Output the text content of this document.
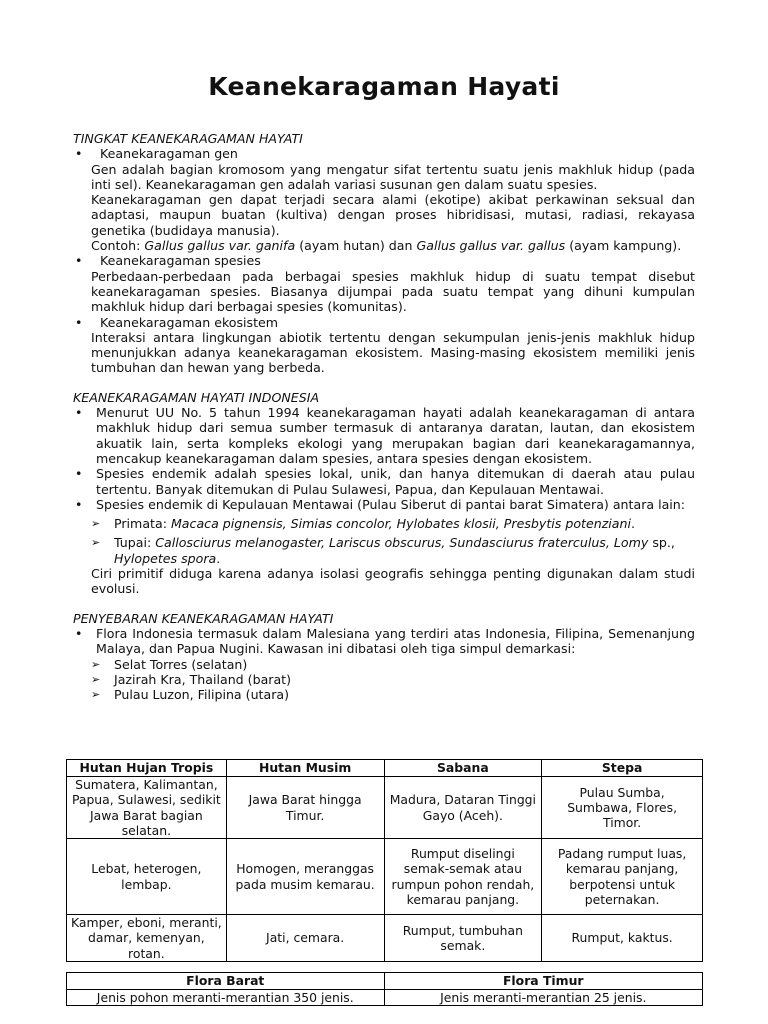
Keanekaragaman Hayati

TINGKAT KEANEKARAGAMAN HAYATI

• Keanekaragaman gen

Gen adalah bagian kromosom yang mengatur sifat tertentu suatu jenis makhluk hidup (pada inti sel). Keanekaragaman gen adalah variasi susunan gen dalam suatu spesies.

Keanekaragaman gen dapat terjadi secara alami (ekotipe) akibat perkawinan seksual dan adaptasi, maupun buatan (kultiva) dengan proses hibridisasi, mutasi, radiasi, rekayasa genetika (budidaya manusia).

Contoh: Gallus gallus var. ganifa (ayam hutan) dan Gallus gallus var. gallus (ayam kampung).

• Keanekaragaman spesies

Perbedaan-perbedaan pada berbagai spesies makhluk hidup di suatu tempat disebut keanekaragaman spesies. Biasanya dijumpai pada suatu tempat yang dihuni kumpulan makhluk hidup dari berbagai spesies (komunitas).

• Keanekaragaman ekosistem

Interaksi antara lingkungan abiotik tertentu dengan sekumpulan jenis-jenis makhluk hidup menunjukkan adanya keanekaragaman ekosistem. Masing-masing ekosistem memiliki jenis tumbuhan dan hewan yang berbeda.

KEANEKARAGAMAN HAYATI INDONESIA

• Menurut UU No. 5 tahun 1994 keanekaragaman hayati adalah keanekaragaman di antara makhluk hidup dari semua sumber termasuk di antaranya daratan, lautan, dan ekosistem akuatik lain, serta kompleks ekologi yang merupakan bagian dari keanekaragamannya, mencakup keanekaragaman dalam spesies, antara spesies dengan ekosistem.

• Spesies endemik adalah spesies lokal, unik, dan hanya ditemukan di daerah atau pulau tertentu. Banyak ditemukan di Pulau Sulawesi, Papua, dan Kepulauan Mentawai.

• Spesies endemik di Kepulauan Mentawai (Pulau Siberut di pantai barat Simatera) antara lain:

➢ Primata: Macaca pignensis, Simias concolor, Hylobates klosii, Presbytis potenziani.
➢ Tupai: Callosciurus melanogaster, Lariscus obscurus, Sundasciurus fraterculus, Lomy sp., Hylopetes spora.

Ciri primitif diduga karena adanya isolasi geografis sehingga penting digunakan dalam studi evolusi.

PENYEBARAN KEANEKARAGAMAN HAYATI

• Flora Indonesia termasuk dalam Malesiana yang terdiri atas Indonesia, Filipina, Semenanjung Malaya, dan Papua Nugini. Kawasan ini dibatasi oleh tiga simpul demarkasi:

➢ Selat Torres (selatan)
➢ Jazirah Kra, Thailand (barat)
➢ Pulau Luzon, Filipina (utara)
Hutan Hujan Tropis	Hutan Musim	Sabana	Stepa
Sumatera, Kalimantan, Papua, Sulawesi, sedikit Jawa Barat bagian selatan.	Jawa Barat hingga Timur.	Madura, Dataran Tinggi Gayo (Aceh).	Pulau Sumba, Sumbawa, Flores, Timor.
Lebat, heterogen, lembap.	Homogen, meranggas pada musim kemarau.	Rumput diselingi semak-semak atau rumpun pohon rendah, kemarau panjang.	Padang rumput luas, kemarau panjang, berpotensi untuk peternakan.
Kamper, eboni, meranti, damar, kemenyan, rotan.	Jati, cemara.	Rumput, tumbuhan semak.	Rumput, kaktus.
Flora Barat	Flora Timur
Jenis pohon meranti-merantian 350 jenis.	Jenis meranti-merantian 25 jenis.
